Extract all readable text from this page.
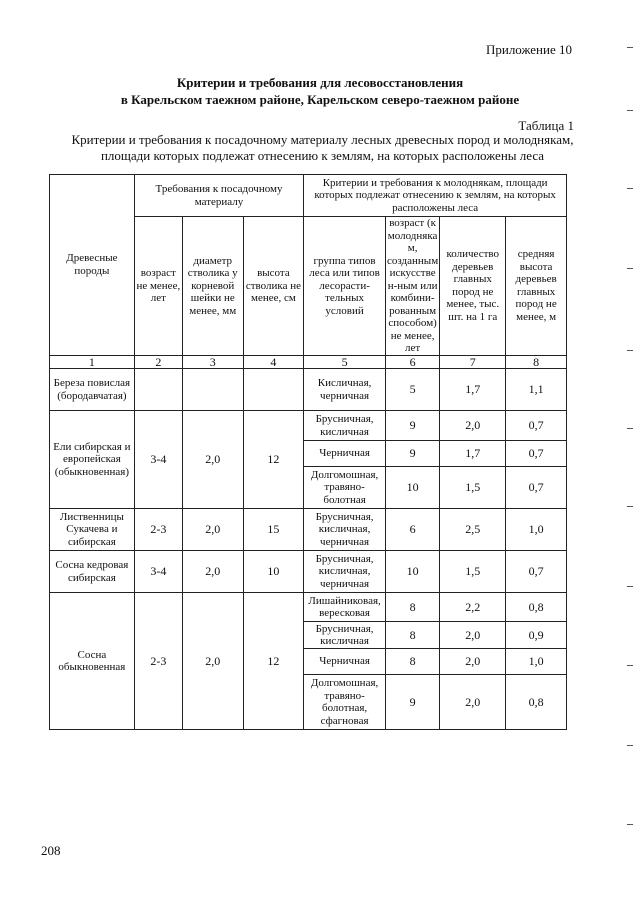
Приложение 10
Критерии и требования для лесовосстановления
в Карельском таежном районе, Карельском северо-таежном районе
Таблица 1
Критерии и требования к посадочному материалу лесных древесных пород и молоднякам,
площади которых подлежат отнесению к землям, на которых расположены леса
Древесные породы	Требования к посадочному материалу			Критерии и требования к молоднякам, площади которых подлежат отнесению к землям, на которых расположены леса			
	возраст не менее, лет	диаметр стволика у корневой шейки не менее, мм	высота стволика не менее, см	группа типов леса или типов лесорасти-тельных условий	возраст (к молоднякам, созданным искусствен-ным или комбини-рованным способом) не менее, лет	количество деревьев главных пород не менее, тыс. шт. на 1 га	средняя высота деревьев главных пород не менее, м
1	2	3	4	5	6	7	8
Береза повислая (бородавчатая)				Кисличная, черничная	5	1,7	1,1
Ели сибирская и европейская (обыкновенная)	3-4	2,0	12	Брусничная, кисличная	9	2,0	0,7
				Черничная	9	1,7	0,7
				Долгомошная, травяно-болотная	10	1,5	0,7
Лиственницы Сукачева и сибирская	2-3	2,0	15	Брусничная, кисличная, черничная	6	2,5	1,0
Сосна кедровая сибирская	3-4	2,0	10	Брусничная, кисличная, черничная	10	1,5	0,7
Сосна обыкновенная	2-3	2,0	12	Лишайниковая, вересковая	8	2,2	0,8
				Брусничная, кисличная	8	2,0	0,9
				Черничная	8	2,0	1,0
				Долгомошная, травяно-болотная, сфагновая	9	2,0	0,8
208
